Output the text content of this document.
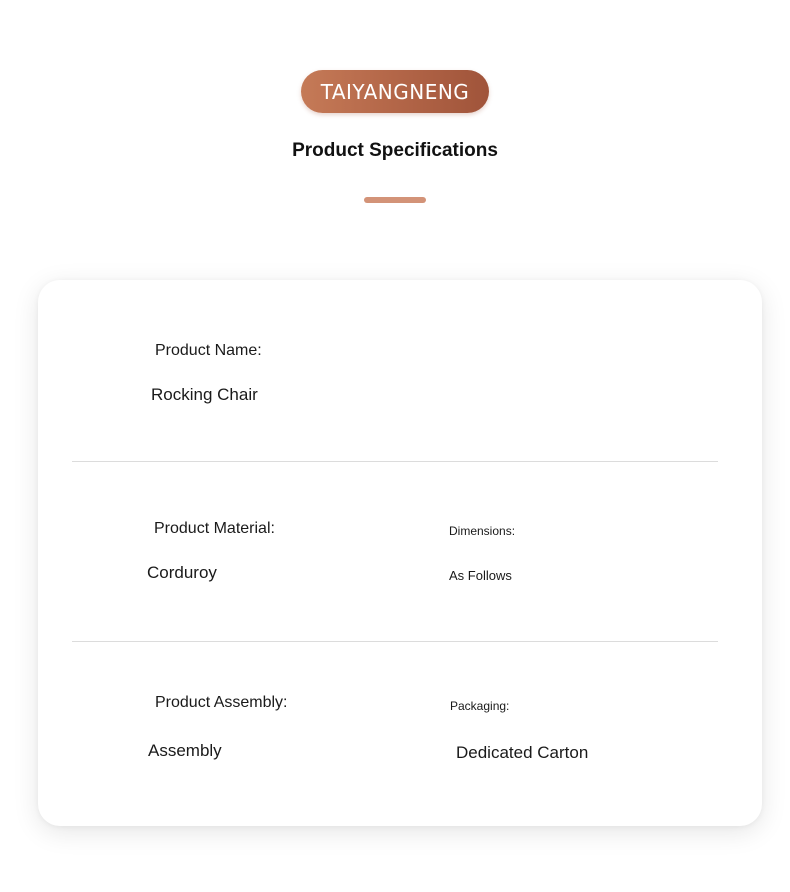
TAIYANGNENG
Product Specifications
Product Name:
Rocking Chair
Product Material:
Corduroy
Dimensions:
As Follows
Product Assembly:
Assembly
Packaging:
Dedicated Carton
